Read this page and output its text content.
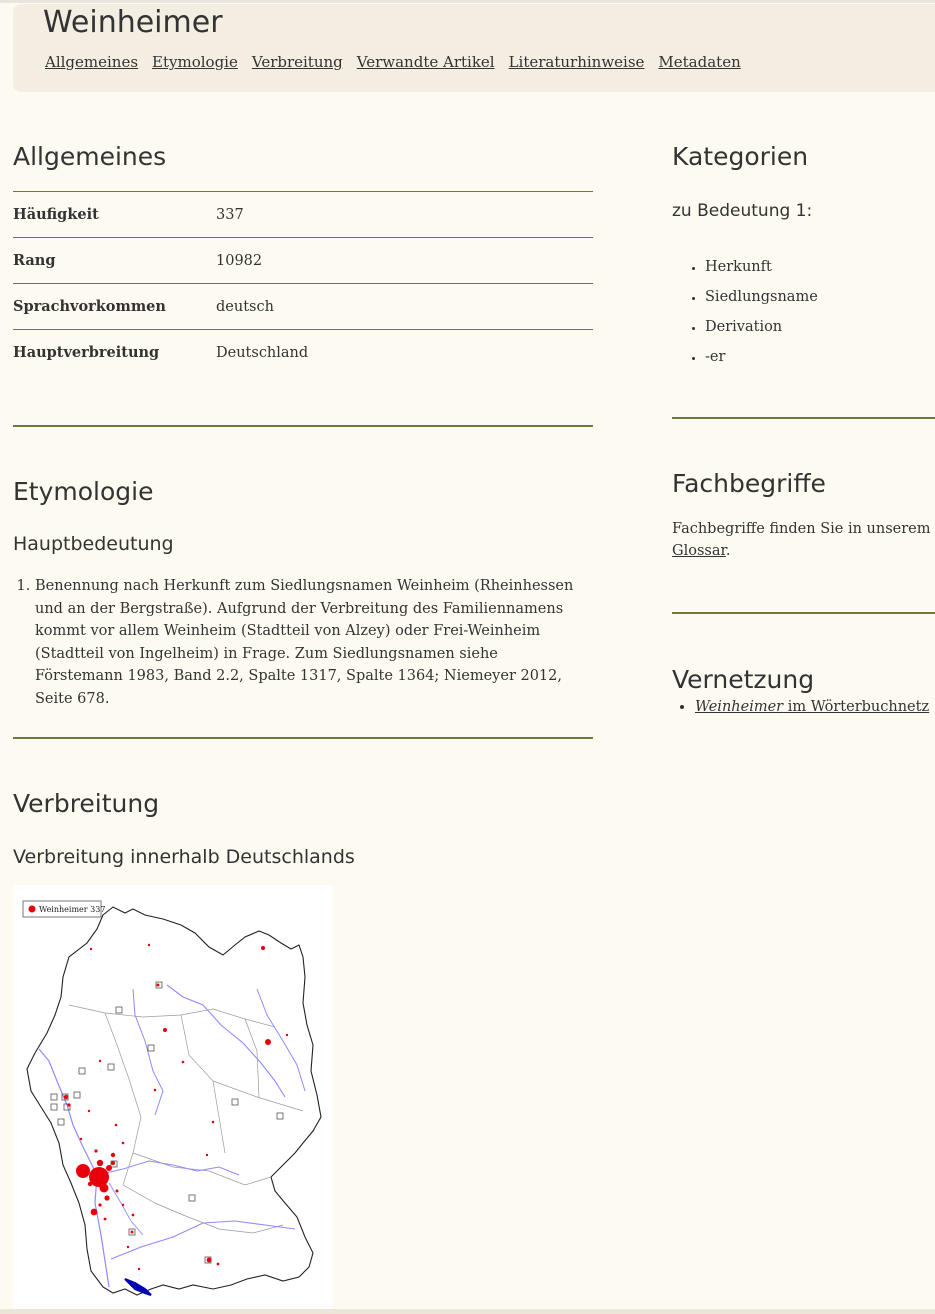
Weinheimer
Allgemeines Etymologie Verbreitung Verwandte Artikel Literaturhinweise Metadaten
Allgemeines
Häufigkeit	337
Rang	10982
Sprachvorkommen	deutsch
Hauptverbreitung	Deutschland
Etymologie
Hauptbedeutung
1. Benennung nach Herkunft zum Siedlungsnamen Weinheim (Rheinhessen und an der Bergstraße). Aufgrund der Verbreitung des Familiennamens kommt vor allem Weinheim (Stadtteil von Alzey) oder Frei-Weinheim (Stadtteil von Ingelheim) in Frage. Zum Siedlungsnamen siehe Förstemann 1983, Band 2.2, Spalte 1317, Spalte 1364; Niemeyer 2012, Seite 678.
Verbreitung
Verbreitung innerhalb Deutschlands
Weinheimer 337
Kategorien
zu Bedeutung 1:
• Herkunft
• Siedlungsname
• Derivation
• -er
Fachbegriffe

Fachbegriffe finden Sie in unserem Glossar.

Vernetzung
• Weinheimer im Wörterbuchnetz
